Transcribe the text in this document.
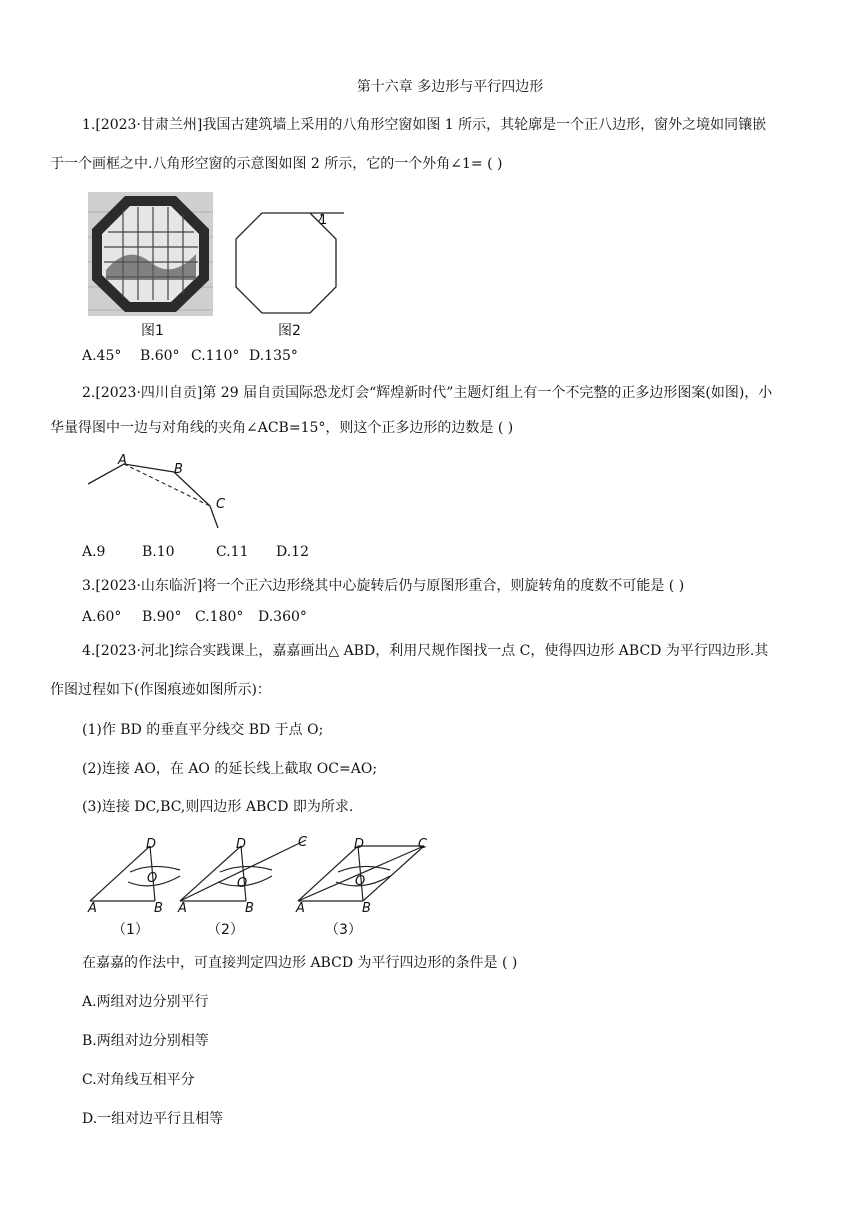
第十六章 多边形与平行四边形
1.[2023·甘肃兰州]我国古建筑墙上采用的八角形空窗如图 1 所示，其轮廓是一个正八边形，窗外之境如同镶嵌
于一个画框之中.八角形空窗的示意图如图 2 所示，它的一个外角∠1= ( )
图1
1
图2
A.45° B.60° C.110° D.135°
2.[2023·四川自贡]第 29 届自贡国际恐龙灯会“辉煌新时代”主题灯组上有一个不完整的正多边形图案(如图)，小
华量得图中一边与对角线的夹角∠ACB=15°，则这个正多边形的边数是 ( )
A
B
C
A.9	B.10	C.11 D.12
3.[2023·山东临沂]将一个正六边形绕其中心旋转后仍与原图形重合，则旋转角的度数不可能是 ( )
A.60° B.90° C.180° D.360°
4.[2023·河北]综合实践课上，嘉嘉画出△ ABD，利用尺规作图找一点 C，使得四边形 ABCD 为平行四边形.其
作图过程如下(作图痕迹如图所示)：
(1)作 BD 的垂直平分线交 BD 于点 O;
(2)连接 AO，在 AO 的延长线上截取 OC=AO;
(3)连接 DC,BC,则四边形 ABCD 即为所求.
D
O
A	B
D	C
O
A	B
D	C
O
A	B
（1）	（2）	（3）
在嘉嘉的作法中，可直接判定四边形 ABCD 为平行四边形的条件是 ( )
A.两组对边分别平行
B.两组对边分别相等
C.对角线互相平分
D.一组对边平行且相等
